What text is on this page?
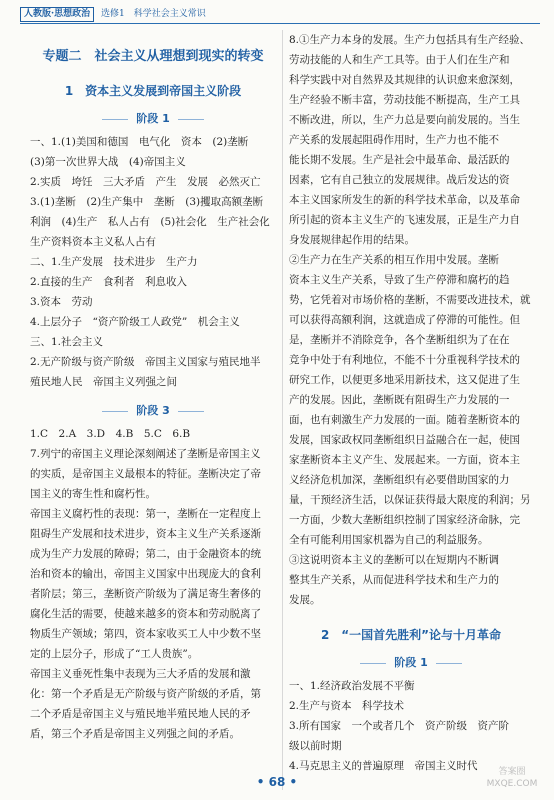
人教版·思想政治 选修1　科学社会主义常识
专题二　社会主义从理想到现实的转变
1　资本主义发展到帝国主义阶段
阶段 1
一、1.(1)美国和德国　电气化　资本　(2)垄断
(3)第一次世界大战　(4)帝国主义
2.实质　垮饪　三大矛盾　产生　发展　必然灭亡
3.(1)垄断　(2)生产集中　垄断　(3)攫取高额垄断
利润　(4)生产　私人占有　(5)社会化　生产社会化
生产资料资本主义私人占有
二、1.生产发展　技术进步　生产力
2.直接的生产　食利者　利息收入
3.资本　劳动
4.上层分子　“资产阶级工人政党”　机会主义
三、1.社会主义
2.无产阶级与资产阶级　帝国主义国家与殖民地半
殖民地人民　帝国主义列强之间
阶段 3
1.C　2.A　3.D　4.B　5.C　6.B
7.列宁的帝国主义理论深刻阐述了垄断是帝国主义
的实质，是帝国主义最根本的特征。垄断决定了帝
国主义的寄生性和腐朽性。
帝国主义腐朽性的表现：第一，垄断在一定程度上
阻碍生产发展和技术进步，资本主义生产关系逐渐
成为生产力发展的障碍；第二，由于金融资本的统
治和资本的输出，帝国主义国家中出现庞大的食利
者阶层；第三，垄断资产阶级为了满足寄生奢侈的
腐化生活的需要，使越来越多的资本和劳动脱离了
物质生产领域；第四，资本家收买工人中少数不坚
定的上层分子，形成了“工人贵族”。
帝国主义垂死性集中表现为三大矛盾的发展和激
化：第一个矛盾是无产阶级与资产阶级的矛盾，第
二个矛盾是帝国主义与殖民地半殖民地人民的矛
盾，第三个矛盾是帝国主义列强之间的矛盾。
8.①生产力本身的发展。生产力包括具有生产经验、
劳动技能的人和生产工具等。由于人们在生产和
科学实践中对自然界及其规律的认识愈来愈深刻，
生产经验不断丰富，劳动技能不断提高，生产工具
不断改进，所以，生产力总是要向前发展的。当生
产关系的发展起阻碍作用时，生产力也不能不
能长期不发展。生产是社会中最革命、最活跃的
因素，它有自己独立的发展规律。战后发达的资
本主义国家所发生的新的科学技术革命，以及革命
所引起的资本主义生产的飞速发展，正是生产力自
身发展规律起作用的结果。
②生产力在生产关系的相互作用中发展。垄断
资本主义生产关系，导致了生产停滞和腐朽的趋
势，它凭着对市场价格的垄断，不需要改进技术，就
可以获得高额利润，这就造成了停滞的可能性。但
是，垄断并不消除竞争，各个垄断组织为了在在
竞争中处于有利地位，不能不十分重视科学技术的
研究工作，以便更多地采用新技术，这又促进了生
产的发展。因此，垄断既有阻碍生产力发展的一
面，也有刺激生产力发展的一面。随着垄断资本的
发展，国家政权同垄断组织日益融合在一起，使国
家垄断资本主义产生、发展起来。一方面，资本主
义经济危机加深，垄断组织有必要借助国家的力
量，干预经济生活，以保证获得最大限度的利润；另
一方面，少数大垄断组织控制了国家经济命脉，完
全有可能利用国家机器为自己的利益服务。
③这说明资本主义的垄断可以在短期内不断调
整其生产关系，从而促进科学技术和生产力的
发展。
2　“一国首先胜利”论与十月革命
阶段 1
一、1.经济政治发展不平衡
2.生产与资本　科学技术
3.所有国家　一个或者几个　资产阶级　资产阶
级以前时期
4.马克思主义的普遍原理　帝国主义时代
• 68 •
答案圈 MXQE.COM
